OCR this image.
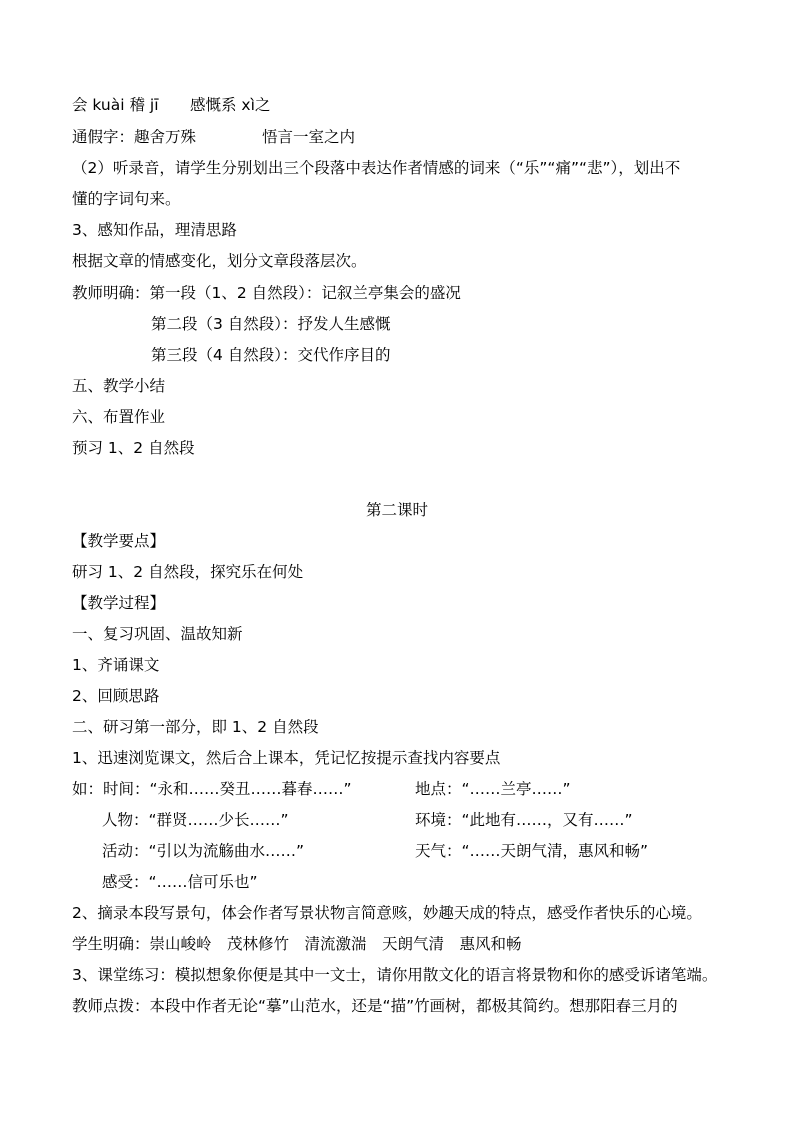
会 kuài 稽 jī 感慨系 xì之
通假字：趣舍万殊	悟言一室之内
（2）听录音，请学生分别划出三个段落中表达作者情感的词来（“乐”“痛”“悲”），划出不
懂的字词句来。
3、感知作品，理清思路
根据文章的情感变化，划分文章段落层次。
教师明确：第一段（1、2 自然段）：记叙兰亭集会的盛况
第二段（3 自然段）：抒发人生感慨
第三段（4 自然段）：交代作序目的
五、教学小结
六、布置作业
预习 1、2 自然段
第二课时
【教学要点】
研习 1、2 自然段，探究乐在何处
【教学过程】
一、复习巩固、温故知新
1、齐诵课文
2、回顾思路
二、研习第一部分，即 1、2 自然段
1、迅速浏览课文，然后合上课本，凭记忆按提示查找内容要点
如：时间：“永和……癸丑……暮春……”	地点：“……兰亭……”
人物：“群贤……少长……”	环境：“此地有……，又有……”
活动：“引以为流觞曲水……”	天气：“……天朗气清，惠风和畅”
感受：“……信可乐也”
2、摘录本段写景句，体会作者写景状物言简意赅，妙趣天成的特点，感受作者快乐的心境。
学生明确：崇山峻岭　茂林修竹　清流激湍　天朗气清　惠风和畅
3、课堂练习：模拟想象你便是其中一文士，请你用散文化的语言将景物和你的感受诉诸笔端。
教师点拨：本段中作者无论“摹”山范水，还是“描”竹画树，都极其简约。想那阳春三月的
